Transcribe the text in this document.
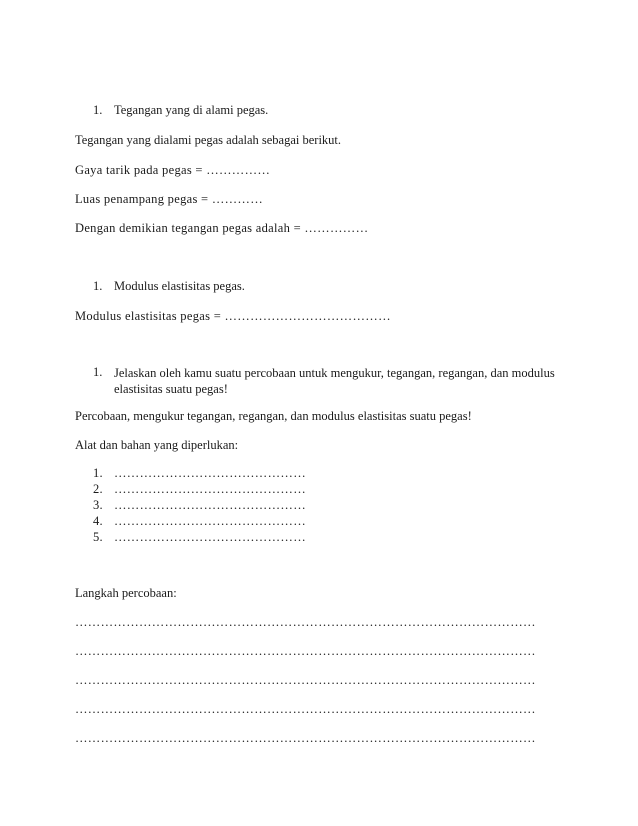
1. Tegangan yang di alami pegas.
Tegangan yang dialami pegas adalah sebagai berikut.
Gaya tarik pada pegas = ……………
Luas penampang pegas = …………
Dengan demikian tegangan pegas adalah = ……………
1. Modulus elastisitas pegas.
Modulus elastisitas pegas = …………………………………
1. Jelaskan oleh kamu suatu percobaan untuk mengukur, tegangan, regangan, dan modulus elastisitas suatu pegas!
Percobaan, mengukur tegangan, regangan, dan modulus elastisitas suatu pegas!
Alat dan bahan yang diperlukan:
1. ………………………………………
2. ………………………………………
3. ………………………………………
4. ………………………………………
5. ………………………………………
Langkah percobaan:
………………………………………………………………………………………………
………………………………………………………………………………………………
………………………………………………………………………………………………
………………………………………………………………………………………………
………………………………………………………………………………………………
